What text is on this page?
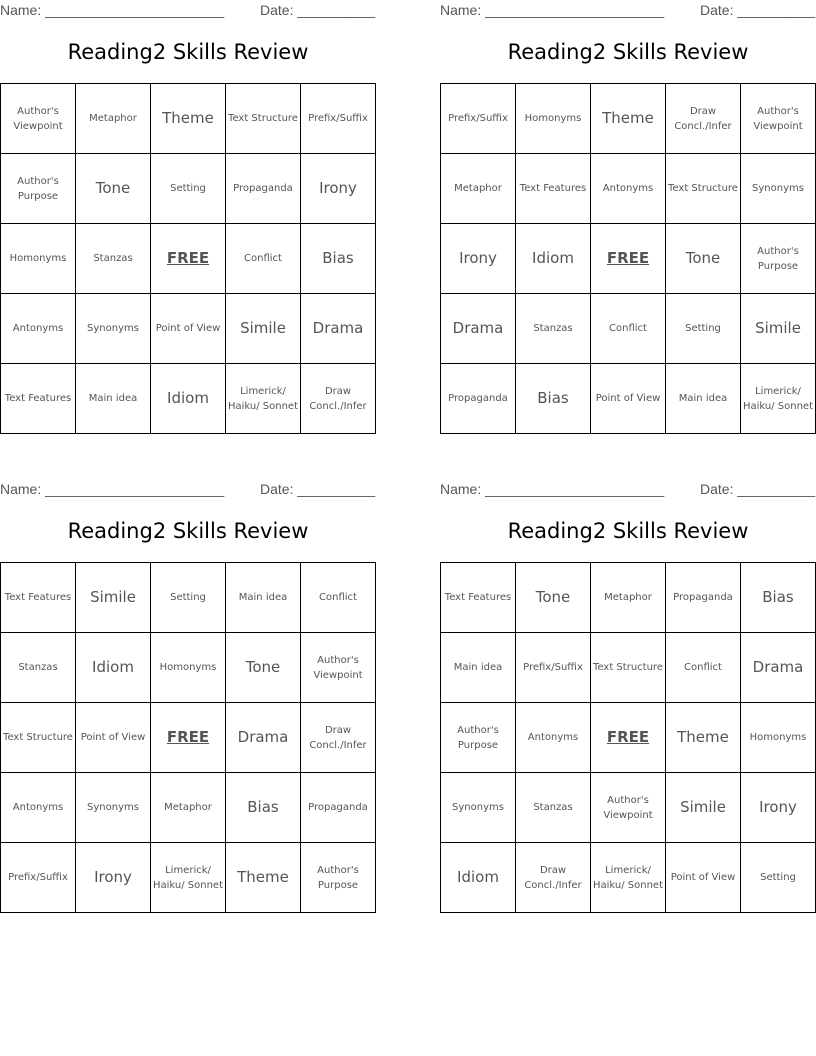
Name: _______________________	Date: __________
Reading2 Skills Review
Author's Viewpoint	Metaphor	Theme	Text Structure	Prefix/Suffix
Author's Purpose	Tone	Setting	Propaganda	Irony
Homonyms	Stanzas	FREE	Conflict	Bias
Antonyms	Synonyms	Point of View	Simile	Drama
Text Features	Main idea	Idiom	Limerick/ Haiku/ Sonnet	Draw Concl./Infer
Name: _______________________	Date: __________
Reading2 Skills Review
Prefix/Suffix	Homonyms	Theme	Draw Concl./Infer	Author's Viewpoint
Metaphor	Text Features	Antonyms	Text Structure	Synonyms
Irony	Idiom	FREE	Tone	Author's Purpose
Drama	Stanzas	Conflict	Setting	Simile
Propaganda	Bias	Point of View	Main idea	Limerick/ Haiku/ Sonnet
Name: _______________________	Date: __________
Reading2 Skills Review
Text Features	Simile	Setting	Main idea	Conflict
Stanzas	Idiom	Homonyms	Tone	Author's Viewpoint
Text Structure	Point of View	FREE	Drama	Draw Concl./Infer
Antonyms	Synonyms	Metaphor	Bias	Propaganda
Prefix/Suffix	Irony	Limerick/ Haiku/ Sonnet	Theme	Author's Purpose
Name: _______________________	Date: __________
Reading2 Skills Review
Text Features	Tone	Metaphor	Propaganda	Bias
Main idea	Prefix/Suffix	Text Structure	Conflict	Drama
Author's Purpose	Antonyms	FREE	Theme	Homonyms
Synonyms	Stanzas	Author's Viewpoint	Simile	Irony
Idiom	Draw Concl./Infer	Limerick/ Haiku/ Sonnet	Point of View	Setting
